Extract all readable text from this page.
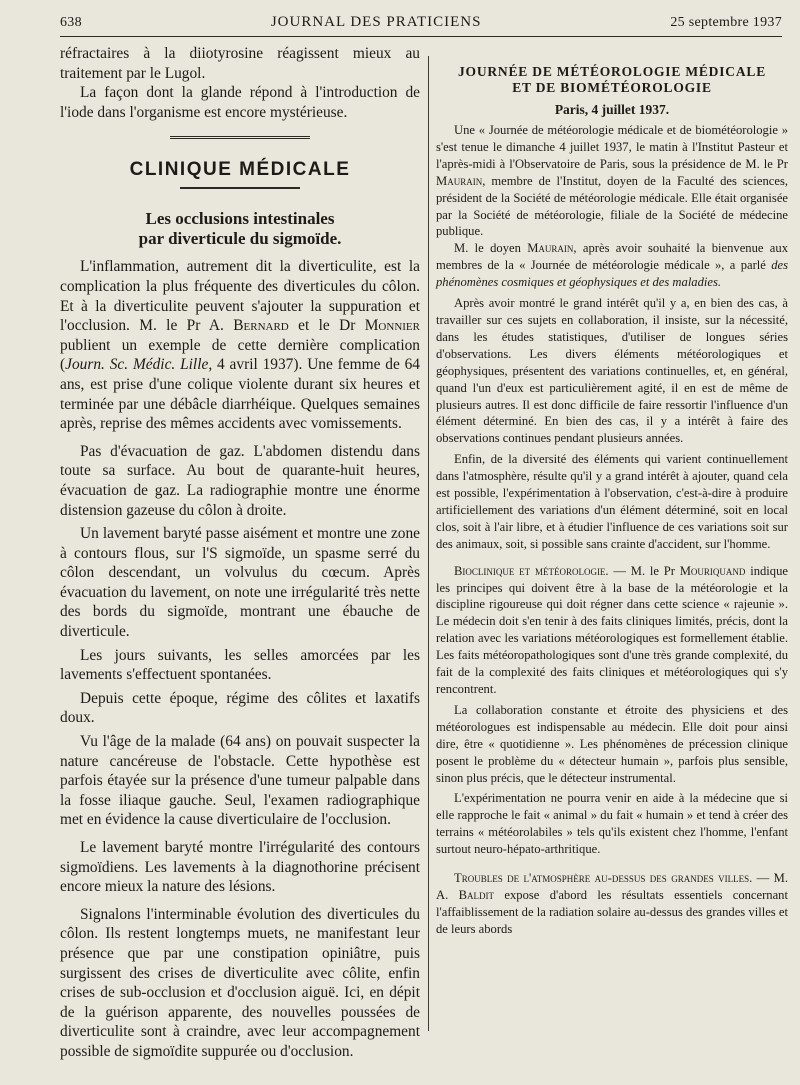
638	JOURNAL DES PRATICIENS	25 septembre 1937

réfractaires à la diiotyrosine réagissent mieux au traitement par le Lugol.

La façon dont la glande répond à l'introduction de l'iode dans l'organisme est encore mystérieuse.

CLINIQUE MÉDICALE
Les occlusions intestinales
par diverticule du sigmoïde.

L'inflammation, autrement dit la diverticulite, est la complication la plus fréquente des diverticules du côlon. Et à la diverticulite peuvent s'ajouter la suppuration et l'occlusion. M. le Pr A. Bernard et le Dr Monnier publient un exemple de cette dernière complication (Journ. Sc. Médic. Lille, 4 avril 1937). Une femme de 64 ans, est prise d'une colique violente durant six heures et terminée par une débâcle diarrhéique. Quelques semaines après, reprise des mêmes accidents avec vomissements.

Pas d'évacuation de gaz. L'abdomen distendu dans toute sa surface. Au bout de quarante-huit heures, évacuation de gaz. La radiographie montre une énorme distension gazeuse du côlon à droite.

Un lavement baryté passe aisément et montre une zone à contours flous, sur l'S sigmoïde, un spasme serré du côlon descendant, un volvulus du cœcum. Après évacuation du lavement, on note une irrégularité très nette des bords du sigmoïde, montrant une ébauche de diverticule.

Les jours suivants, les selles amorcées par les lavements s'effectuent spontanées.

Depuis cette époque, régime des côlites et laxatifs doux.

Vu l'âge de la malade (64 ans) on pouvait suspecter la nature cancéreuse de l'obstacle. Cette hypothèse est parfois étayée sur la présence d'une tumeur palpable dans la fosse iliaque gauche. Seul, l'examen radiographique met en évidence la cause diverticulaire de l'occlusion.

Le lavement baryté montre l'irrégularité des contours sigmoïdiens. Les lavements à la diagnothorine précisent encore mieux la nature des lésions.

Signalons l'interminable évolution des diverticules du côlon. Ils restent longtemps muets, ne manifestant leur présence que par une constipation opiniâtre, puis surgissent des crises de diverticulite avec côlite, enfin crises de sub-occlusion et d'occlusion aiguë. Ici, en dépit de la guérison apparente, des nouvelles poussées de diverticulite sont à craindre, avec leur accompagnement possible de sigmoïdite suppurée ou d'occlusion.

JOURNÉE DE MÉTÉOROLOGIE MÉDICALE
ET DE BIOMÉTÉOROLOGIE
Paris, 4 juillet 1937.

Une « Journée de météorologie médicale et de biométéorologie » s'est tenue le dimanche 4 juillet 1937, le matin à l'Institut Pasteur et l'après-midi à l'Observatoire de Paris, sous la présidence de M. le Pr Maurain, membre de l'Institut, doyen de la Faculté des sciences, président de la Société de météorologie médicale. Elle était organisée par la Société de météorologie, filiale de la Société de médecine publique.

M. le doyen Maurain, après avoir souhaité la bienvenue aux membres de la « Journée de météorologie médicale », a parlé des phénomènes cosmiques et géophysiques et des maladies.

Après avoir montré le grand intérêt qu'il y a, en bien des cas, à travailler sur ces sujets en collaboration, il insiste, sur la nécessité, dans les études statistiques, d'utiliser de longues séries d'observations. Les divers éléments météorologiques et géophysiques, présentent des variations continuelles, et, en général, quand l'un d'eux est particulièrement agité, il en est de même de plusieurs autres. Il est donc difficile de faire ressortir l'influence d'un élément déterminé. En bien des cas, il y a intérêt à faire des observations continues pendant plusieurs années.

Enfin, de la diversité des éléments qui varient continuellement dans l'atmosphère, résulte qu'il y a grand intérêt à ajouter, quand cela est possible, l'expérimentation à l'observation, c'est-à-dire à produire artificiellement des variations d'un élément déterminé, soit en local clos, soit à l'air libre, et à étudier l'influence de ces variations soit sur des animaux, soit, si possible sans crainte d'accident, sur l'homme.

Bioclinique et météorologie. — M. le Pr Mouriquand indique les principes qui doivent être à la base de la météorologie et la discipline rigoureuse qui doit régner dans cette science « rajeunie ». Le médecin doit s'en tenir à des faits cliniques limités, précis, dont la relation avec les variations météorologiques est formellement établie. Les faits météoropathologiques sont d'une très grande complexité, du fait de la complexité des faits cliniques et météorologiques qui s'y rencontrent.

La collaboration constante et étroite des physiciens et des météorologues est indispensable au médecin. Elle doit pour ainsi dire, être « quotidienne ». Les phénomènes de précession clinique posent le problème du « détecteur humain », parfois plus sensible, sinon plus précis, que le détecteur instrumental.

L'expérimentation ne pourra venir en aide à la médecine que si elle rapproche le fait « animal » du fait « humain » et tend à créer des terrains « météorolabiles » tels qu'ils existent chez l'homme, l'enfant surtout neuro-hépato-arthritique.

Troubles de l'atmosphère au-dessus des grandes villes. — M. A. Baldit expose d'abord les résultats essentiels concernant l'affaiblissement de la radiation solaire au-dessus des grandes villes et de leurs abords
